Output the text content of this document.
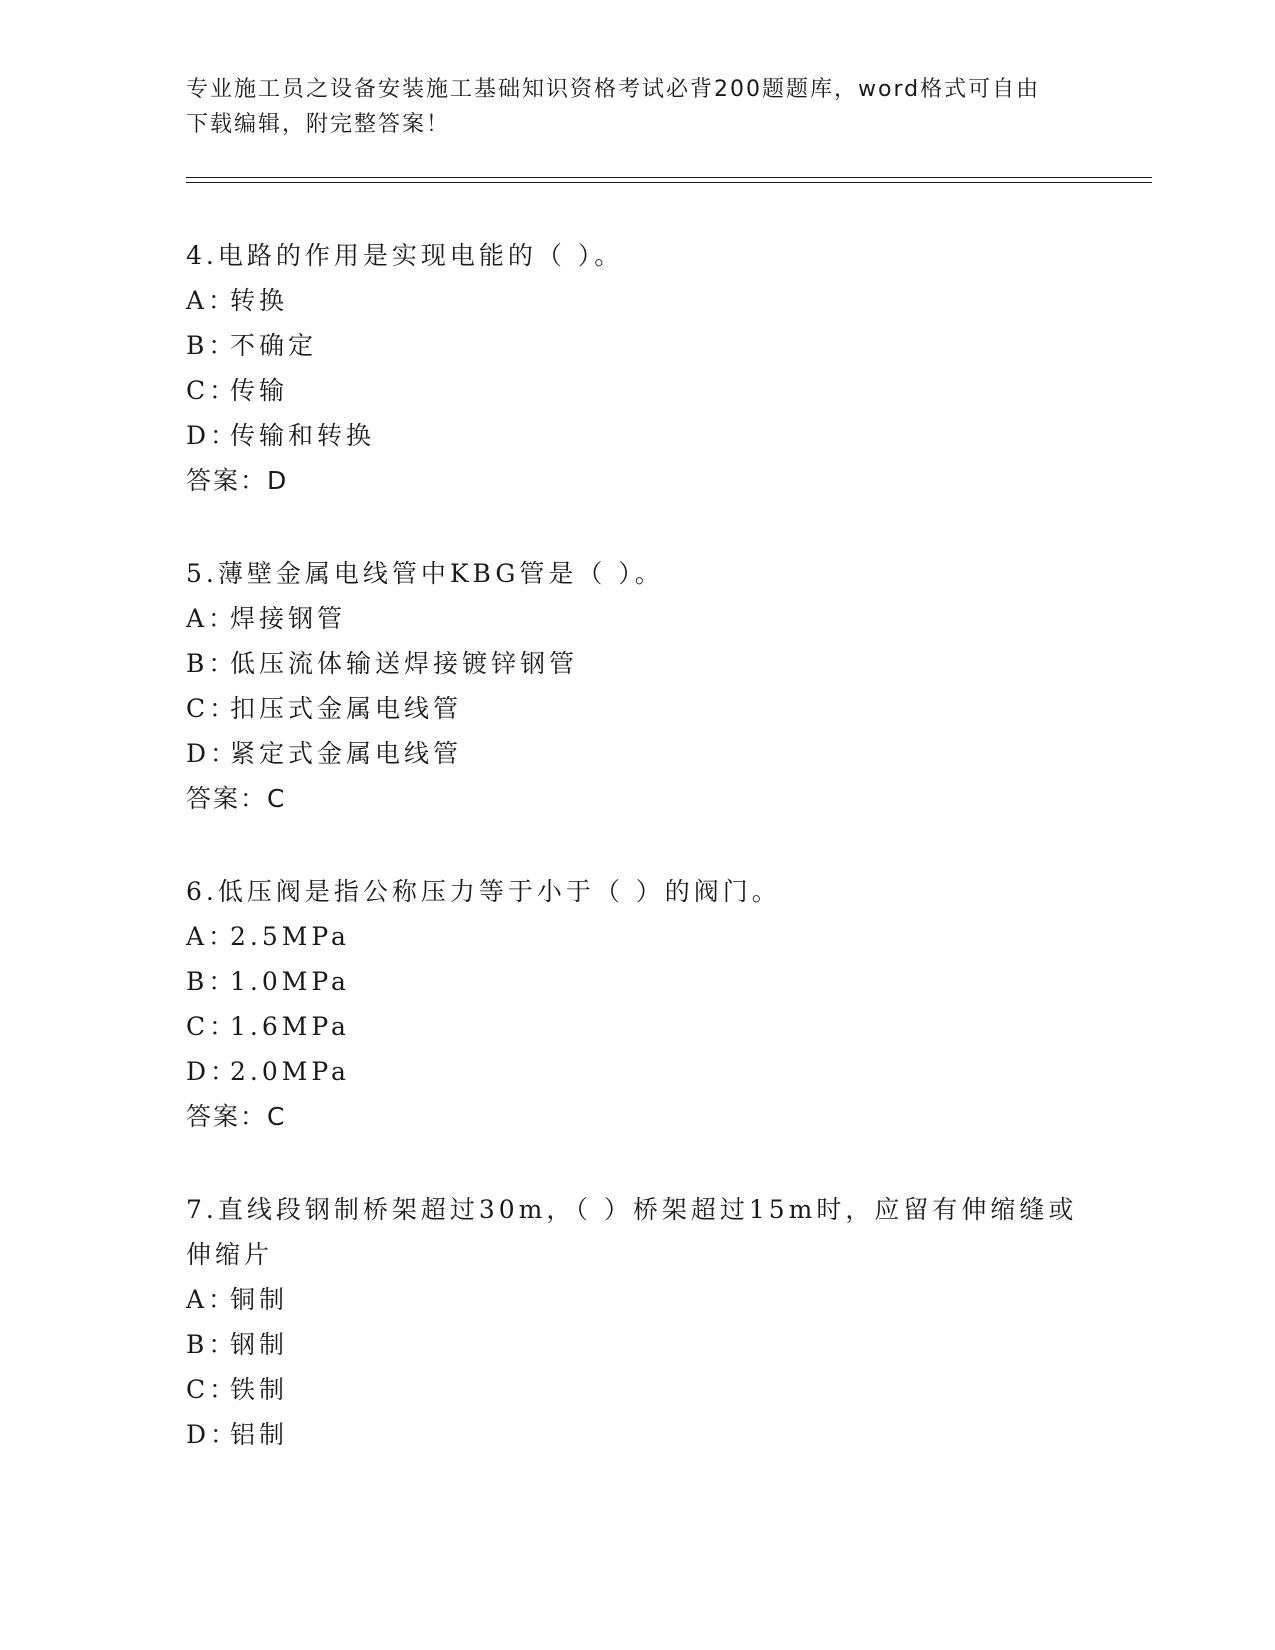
专业施工员之设备安装施工基础知识资格考试必背200题题库，word格式可自由
下载编辑，附完整答案！
4.电路的作用是实现电能的（ ）。
A：转换
B：不确定
C：传输
D：传输和转换
答案：D
5.薄壁金属电线管中KBG管是（ ）。
A：焊接钢管
B：低压流体输送焊接镀锌钢管
C：扣压式金属电线管
D：紧定式金属电线管
答案：C
6.低压阀是指公称压力等于小于（ ）的阀门。
A：2.5MPa
B：1.0MPa
C：1.6MPa
D：2.0MPa
答案：C
7.直线段钢制桥架超过30m，（ ）桥架超过15m时，应留有伸缩缝或
伸缩片
A：铜制
B：钢制
C：铁制
D：铝制
